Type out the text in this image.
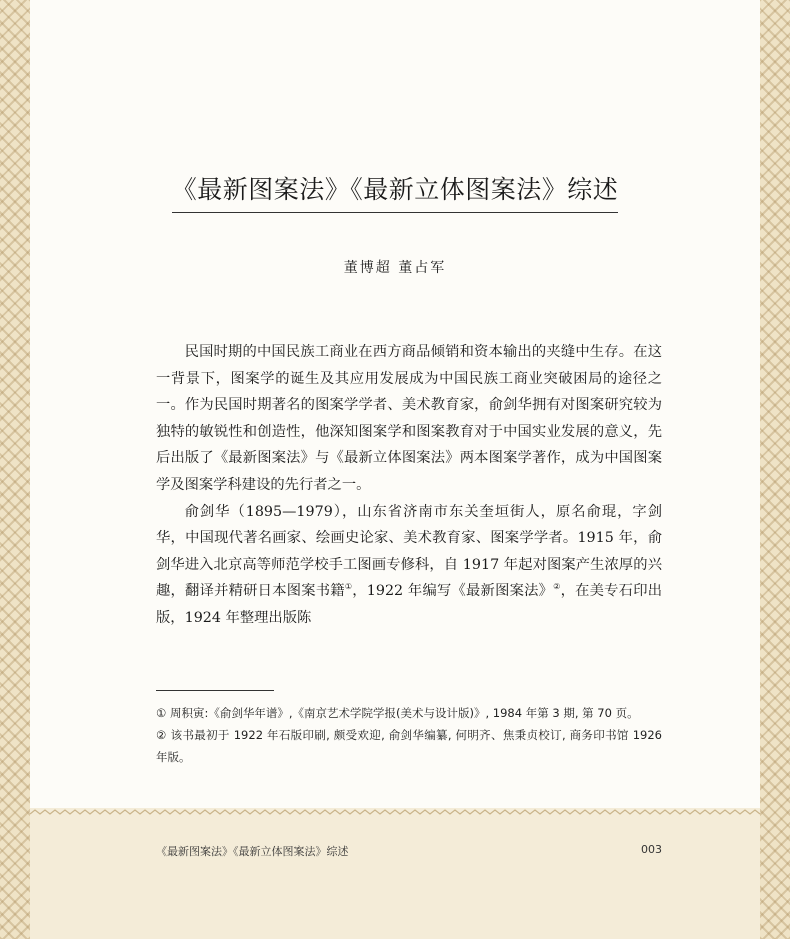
《最新图案法》《最新立体图案法》综述
董博超 董占军

民国时期的中国民族工商业在西方商品倾销和资本输出的夹缝中生存。在这一背景下，图案学的诞生及其应用发展成为中国民族工商业突破困局的途径之一。作为民国时期著名的图案学学者、美术教育家，俞剑华拥有对图案研究较为独特的敏锐性和创造性，他深知图案学和图案教育对于中国实业发展的意义，先后出版了《最新图案法》与《最新立体图案法》两本图案学著作，成为中国图案学及图案学科建设的先行者之一。

俞剑华（1895—1979），山东省济南市东关奎垣街人，原名俞琨，字剑华，中国现代著名画家、绘画史论家、美术教育家、图案学学者。1915 年，俞剑华进入北京高等师范学校手工图画专修科，自 1917 年起对图案产生浓厚的兴趣，翻译并精研日本图案书籍①，1922 年编写《最新图案法》②，在美专石印出版，1924 年整理出版陈

① 周积寅:《俞剑华年谱》,《南京艺术学院学报(美术与设计版)》, 1984 年第 3 期, 第 70 页。

② 该书最初于 1922 年石版印刷, 颇受欢迎, 俞剑华编纂, 何明齐、焦秉贞校订, 商务印书馆 1926 年版。

《最新图案法》《最新立体图案法》综述	003
